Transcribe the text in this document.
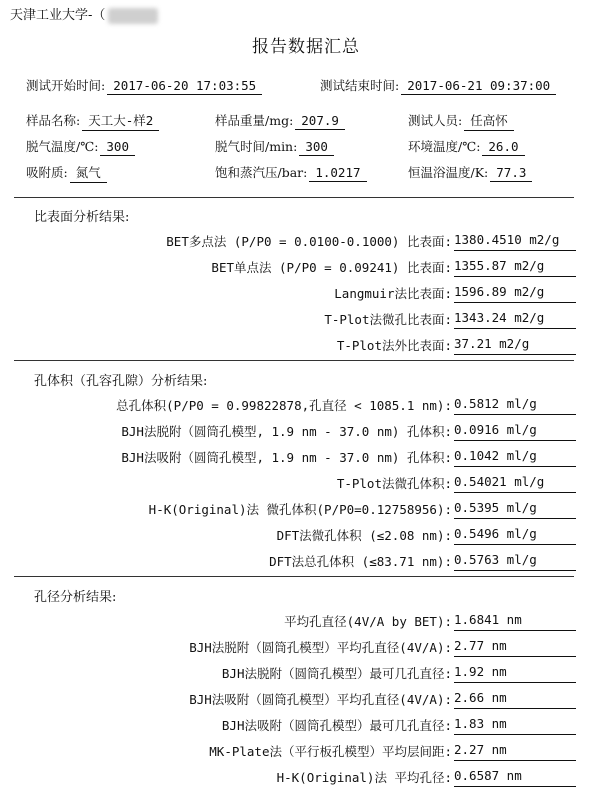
天津工业大学-（
报告数据汇总
测试开始时间: 2017-06-20 17:03:55	测试结束时间: 2017-06-21 09:37:00
样品名称: 天工大-样2	样品重量/mg: 207.9	测试人员: 任高怀
脱气温度/℃: 300	脱气时间/min: 300	环境温度/℃: 26.0
吸附质: 氮气	饱和蒸汽压/bar: 1.0217	恒温浴温度/K: 77.3
比表面分析结果:
BET多点法 (P/P0 = 0.0100-0.1000) 比表面: 1380.4510 m2/g
BET单点法 (P/P0 = 0.09241) 比表面: 1355.87 m2/g
Langmuir法比表面: 1596.89 m2/g
T-Plot法微孔比表面: 1343.24 m2/g
T-Plot法外比表面: 37.21 m2/g
孔体积（孔容孔隙）分析结果:
总孔体积(P/P0 = 0.99822878,孔直径 < 1085.1 nm): 0.5812 ml/g
BJH法脱附（圆筒孔模型, 1.9 nm - 37.0 nm) 孔体积: 0.0916 ml/g
BJH法吸附（圆筒孔模型, 1.9 nm - 37.0 nm) 孔体积: 0.1042 ml/g
T-Plot法微孔体积: 0.54021 ml/g
H-K(Original)法 微孔体积(P/P0=0.12758956): 0.5395 ml/g
DFT法微孔体积 (≤2.08 nm): 0.5496 ml/g
DFT法总孔体积 (≤83.71 nm): 0.5763 ml/g
孔径分析结果:
平均孔直径(4V/A by BET): 1.6841 nm
BJH法脱附（圆筒孔模型）平均孔直径(4V/A): 2.77 nm
BJH法脱附（圆筒孔模型）最可几孔直径: 1.92 nm
BJH法吸附（圆筒孔模型）平均孔直径(4V/A): 2.66 nm
BJH法吸附（圆筒孔模型）最可几孔直径: 1.83 nm
MK-Plate法（平行板孔模型）平均层间距: 2.27 nm
H-K(Original)法 平均孔径: 0.6587 nm
